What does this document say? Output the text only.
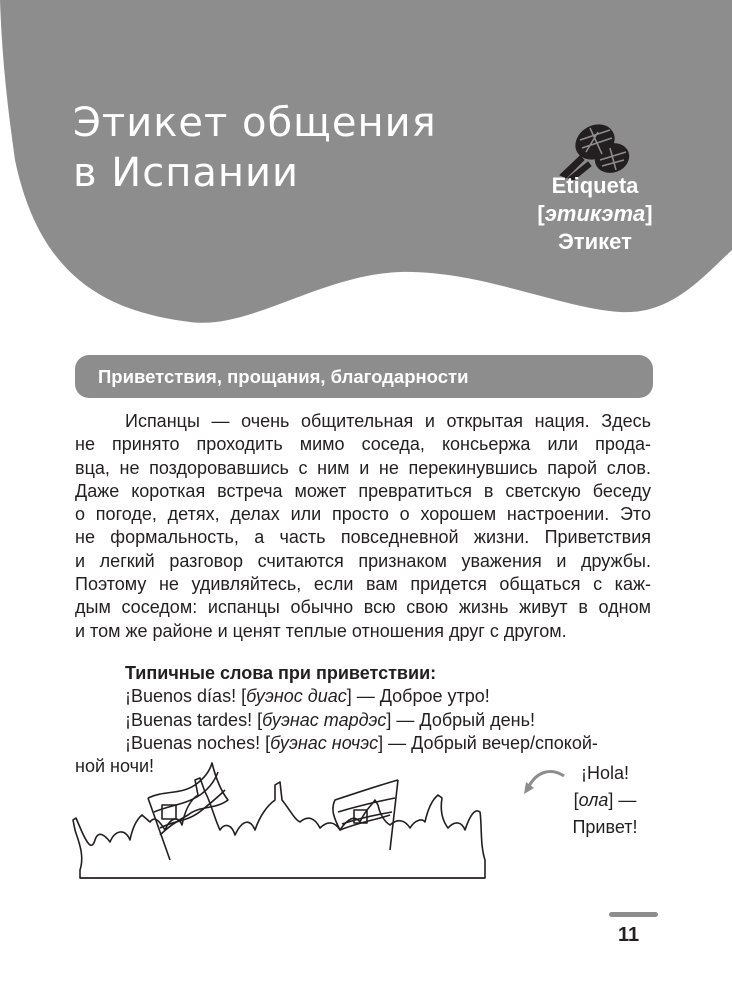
Этикет общения
в Испании	Etiqueta
[этикэта]
Этикет
Приветствия, прощания, благодарности
Испанцы — очень общительная и открытая нация. Здесь
не принято проходить мимо соседа, консьержа или прода-
вца, не поздоровавшись с ним и не перекинувшись парой слов.
Даже короткая встреча может превратиться в светскую беседу
о погоде, детях, делах или просто о хорошем настроении. Это
не формальность, а часть повседневной жизни. Приветствия
и легкий разговор считаются признаком уважения и дружбы.
Поэтому не удивляйтесь, если вам придется общаться с каж-
дым соседом: испанцы обычно всю свою жизнь живут в одном
и том же районе и ценят теплые отношения друг с другом.
Типичные слова при приветствии:
¡Buenos días! [буэнос диас] — Доброе утро!
¡Buenas tardes! [буэнас тардэс] — Добрый день!
¡Buenas noches! [буэнас ночэс] — Добрый вечер/спокой-
ной ночи!	¡Hola!
[ола] —
Привет!
11
